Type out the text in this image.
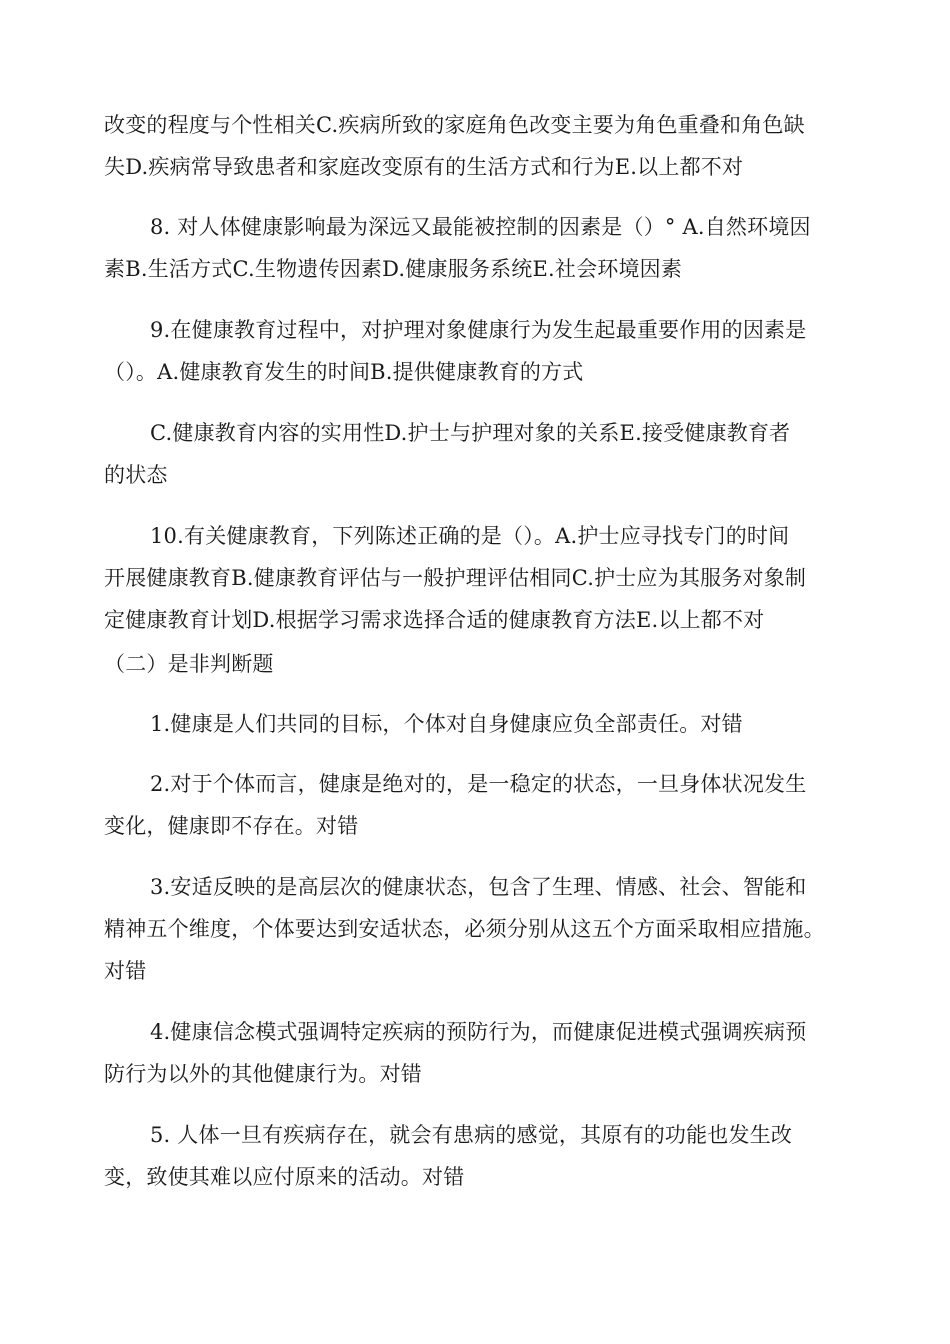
改变的程度与个性相关C.疾病所致的家庭角色改变主要为角色重叠和角色缺
失D.疾病常导致患者和家庭改变原有的生活方式和行为E.以上都不对
8. 对人体健康影响最为深远又最能被控制的因素是（）° A.自然环境因
素B.生活方式C.生物遗传因素D.健康服务系统E.社会环境因素
9.在健康教育过程中，对护理对象健康行为发生起最重要作用的因素是
（）。A.健康教育发生的时间B.提供健康教育的方式
C.健康教育内容的实用性D.护士与护理对象的关系E.接受健康教育者
的状态
10.有关健康教育，下列陈述正确的是（）。A.护士应寻找专门的时间
开展健康教育B.健康教育评估与一般护理评估相同C.护士应为其服务对象制
定健康教育计划D.根据学习需求选择合适的健康教育方法E.以上都不对
（二）是非判断题
1.健康是人们共同的目标，个体对自身健康应负全部责任。对错
2.对于个体而言，健康是绝对的，是一稳定的状态，一旦身体状况发生
变化，健康即不存在。对错
3.安适反映的是高层次的健康状态，包含了生理、情感、社会、智能和
精神五个维度，个体要达到安适状态，必须分别从这五个方面采取相应措施。
对错
4.健康信念模式强调特定疾病的预防行为，而健康促进模式强调疾病预
防行为以外的其他健康行为。对错
5. 人体一旦有疾病存在，就会有患病的感觉，其原有的功能也发生改
变，致使其难以应付原来的活动。对错
